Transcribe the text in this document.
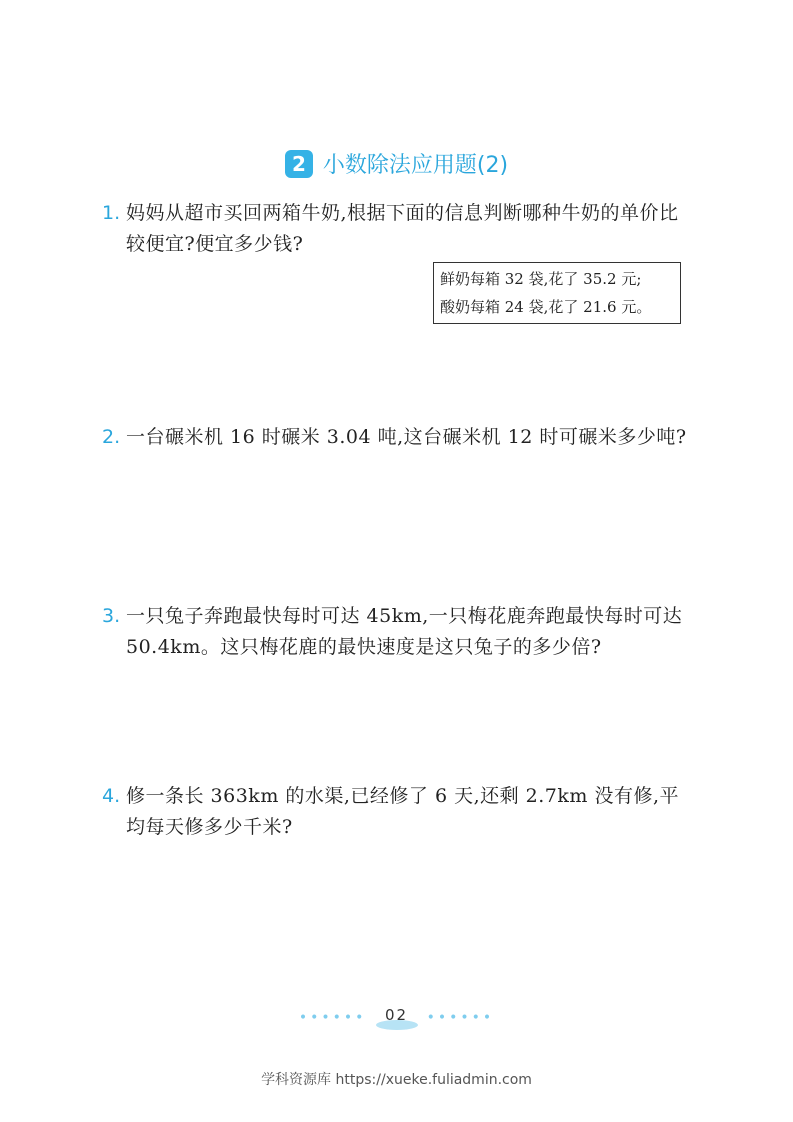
2 小数除法应用题(2)
1. 妈妈从超市买回两箱牛奶,根据下面的信息判断哪种牛奶的单价比较便宜?便宜多少钱?
鲜奶每箱 32 袋,花了 35.2 元;
酸奶每箱 24 袋,花了 21.6 元。
2. 一台碾米机 16 时碾米 3.04 吨,这台碾米机 12 时可碾米多少吨?
3. 一只兔子奔跑最快每时可达 45km,一只梅花鹿奔跑最快每时可达 50.4km。这只梅花鹿的最快速度是这只兔子的多少倍?
4. 修一条长 363km 的水渠,已经修了 6 天,还剩 2.7km 没有修,平均每天修多少千米?
••••••	02	••••••
学科资源库 https://xueke.fuliadmin.com
